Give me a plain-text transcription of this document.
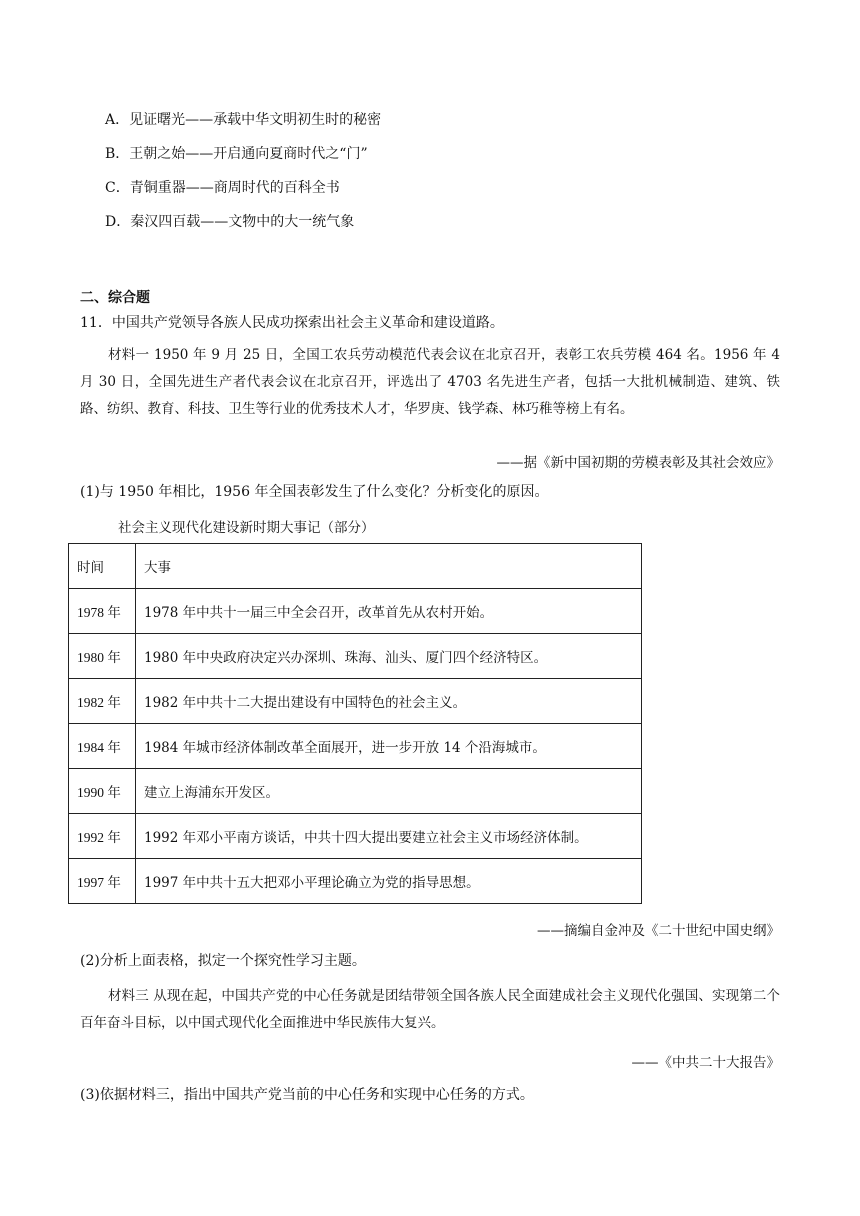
A．见证曙光——承载中华文明初生时的秘密
B．王朝之始——开启通向夏商时代之“门”
C．青铜重器——商周时代的百科全书
D．秦汉四百载——文物中的大一统气象
二、综合题
11．中国共产党领导各族人民成功探索出社会主义革命和建设道路。
材料一 1950 年 9 月 25 日，全国工农兵劳动模范代表会议在北京召开，表彰工农兵劳模 464 名。1956 年 4 月 30 日，全国先进生产者代表会议在北京召开，评选出了 4703 名先进生产者，包括一大批机械制造、建筑、铁路、纺织、教育、科技、卫生等行业的优秀技术人才，华罗庚、钱学森、林巧稚等榜上有名。
——据《新中国初期的劳模表彰及其社会效应》
(1)与 1950 年相比，1956 年全国表彰发生了什么变化？分析变化的原因。
社会主义现代化建设新时期大事记（部分）
时间	大事
1978 年	1978 年中共十一届三中全会召开，改革首先从农村开始。
1980 年	1980 年中央政府决定兴办深圳、珠海、汕头、厦门四个经济特区。
1982 年	1982 年中共十二大提出建设有中国特色的社会主义。
1984 年	1984 年城市经济体制改革全面展开，进一步开放 14 个沿海城市。
1990 年	建立上海浦东开发区。
1992 年	1992 年邓小平南方谈话，中共十四大提出要建立社会主义市场经济体制。
1997 年	1997 年中共十五大把邓小平理论确立为党的指导思想。
——摘编自金冲及《二十世纪中国史纲》
(2)分析上面表格，拟定一个探究性学习主题。
材料三 从现在起，中国共产党的中心任务就是团结带领全国各族人民全面建成社会主义现代化强国、实现第二个百年奋斗目标，以中国式现代化全面推进中华民族伟大复兴。
——《中共二十大报告》
(3)依据材料三，指出中国共产党当前的中心任务和实现中心任务的方式。
